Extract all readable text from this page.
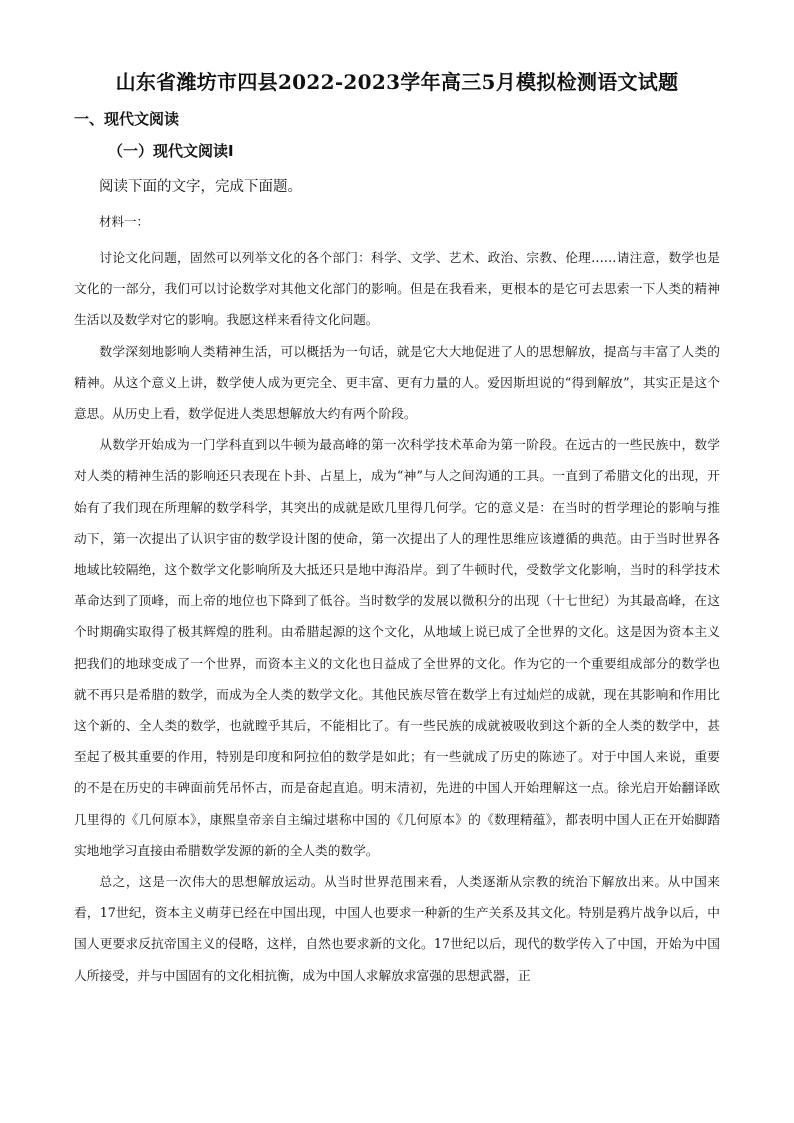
山东省潍坊市四县2022-2023学年高三5月模拟检测语文试题
一、现代文阅读
（一）现代文阅读Ⅰ
阅读下面的文字，完成下面题。
材料一：

讨论文化问题，固然可以列举文化的各个部门：科学、文学、艺术、政治、宗教、伦理……请注意，数学也是文化的一部分，我们可以讨论数学对其他文化部门的影响。但是在我看来，更根本的是它可去思索一下人类的精神生活以及数学对它的影响。我愿这样来看待文化问题。

数学深刻地影响人类精神生活，可以概括为一句话，就是它大大地促进了人的思想解放，提高与丰富了人类的精神。从这个意义上讲，数学使人成为更完全、更丰富、更有力量的人。爱因斯坦说的“得到解放”，其实正是这个意思。从历史上看，数学促进人类思想解放大约有两个阶段。

从数学开始成为一门学科直到以牛顿为最高峰的第一次科学技术革命为第一阶段。在远古的一些民族中，数学对人类的精神生活的影响还只表现在卜卦、占星上，成为“神”与人之间沟通的工具。一直到了希腊文化的出现，开始有了我们现在所理解的数学科学，其突出的成就是欧几里得几何学。它的意义是：在当时的哲学理论的影响与推动下，第一次提出了认识宇宙的数学设计图的使命，第一次提出了人的理性思维应该遵循的典范。由于当时世界各地域比较隔绝，这个数学文化影响所及大抵还只是地中海沿岸。到了牛顿时代，受数学文化影响，当时的科学技术革命达到了顶峰，而上帝的地位也下降到了低谷。当时数学的发展以微积分的出现（十七世纪）为其最高峰，在这个时期确实取得了极其辉煌的胜利。由希腊起源的这个文化，从地域上说已成了全世界的文化。这是因为资本主义把我们的地球变成了一个世界，而资本主义的文化也日益成了全世界的文化。作为它的一个重要组成部分的数学也就不再只是希腊的数学，而成为全人类的数学文化。其他民族尽管在数学上有过灿烂的成就，现在其影响和作用比这个新的、全人类的数学，也就瞠乎其后，不能相比了。有一些民族的成就被吸收到这个新的全人类的数学中，甚至起了极其重要的作用，特别是印度和阿拉伯的数学是如此；有一些就成了历史的陈迹了。对于中国人来说，重要的不是在历史的丰碑面前凭吊怀古，而是奋起直追。明末清初，先进的中国人开始理解这一点。徐光启开始翻译欧几里得的《几何原本》，康熙皇帝亲自主编过堪称中国的《几何原本》的《数理精蕴》，都表明中国人正在开始脚踏实地地学习直接由希腊数学发源的新的全人类的数学。

总之，这是一次伟大的思想解放运动。从当时世界范围来看，人类逐渐从宗教的统治下解放出来。从中国来看，17世纪，资本主义萌芽已经在中国出现，中国人也要求一种新的生产关系及其文化。特别是鸦片战争以后，中国人更要求反抗帝国主义的侵略，这样，自然也要求新的文化。17世纪以后，现代的数学传入了中国，开始为中国人所接受，并与中国固有的文化相抗衡，成为中国人求解放求富强的思想武器，正
